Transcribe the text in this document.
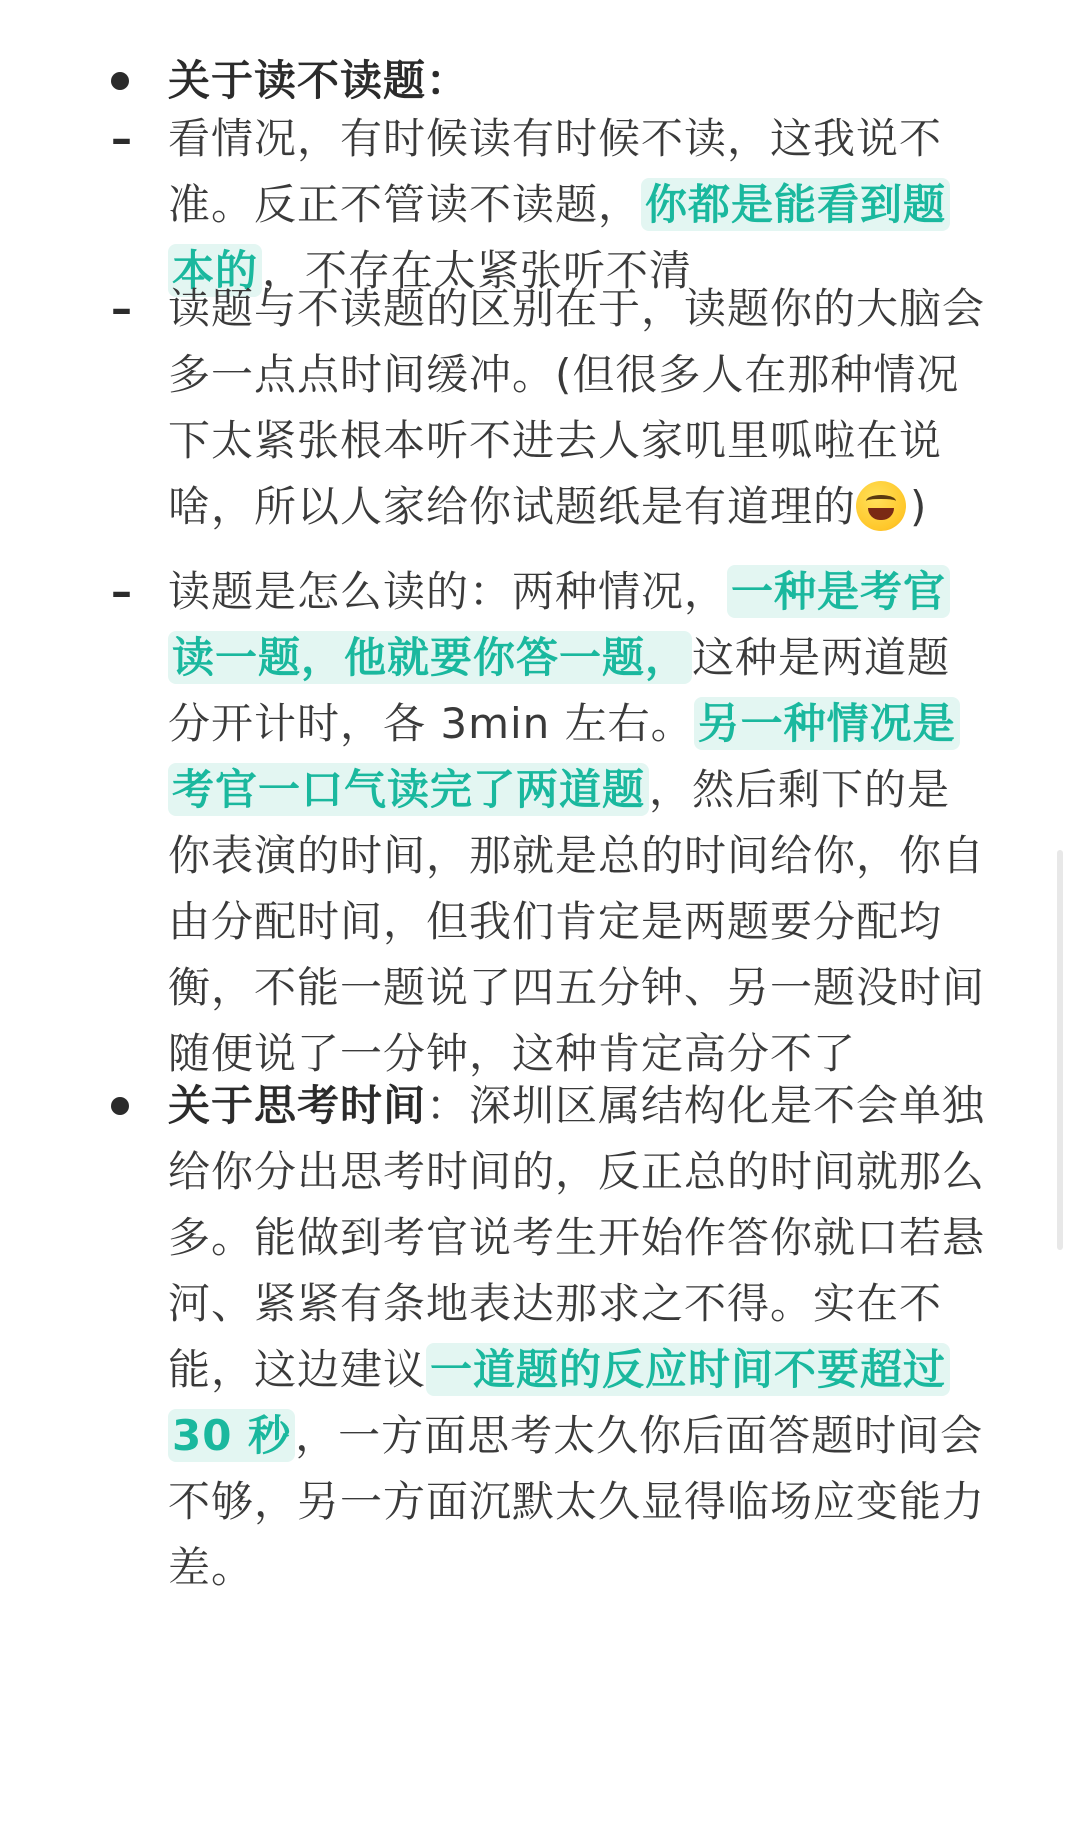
关于读不读题：
– 看情况，有时候读有时候不读，这我说不准。反正不管读不读题，你都是能看到题本的，不存在太紧张听不清
– 读题与不读题的区别在于，读题你的大脑会多一点点时间缓冲。(但很多人在那种情况下太紧张根本听不进去人家叽里呱啦在说啥，所以人家给你试题纸是有道理的 )
– 读题是怎么读的：两种情况，一种是考官读一题，他就要你答一题，这种是两道题分开计时，各 3min 左右。另一种情况是考官一口气读完了两道题，然后剩下的是你表演的时间，那就是总的时间给你，你自由分配时间，但我们肯定是两题要分配均衡，不能一题说了四五分钟、另一题没时间随便说了一分钟，这种肯定高分不了
关于思考时间：深圳区属结构化是不会单独给你分出思考时间的，反正总的时间就那么多。能做到考官说考生开始作答你就口若悬河、紧紧有条地表达那求之不得。实在不能，这边建议一道题的反应时间不要超过 30 秒，一方面思考太久你后面答题时间会不够，另一方面沉默太久显得临场应变能力差。
